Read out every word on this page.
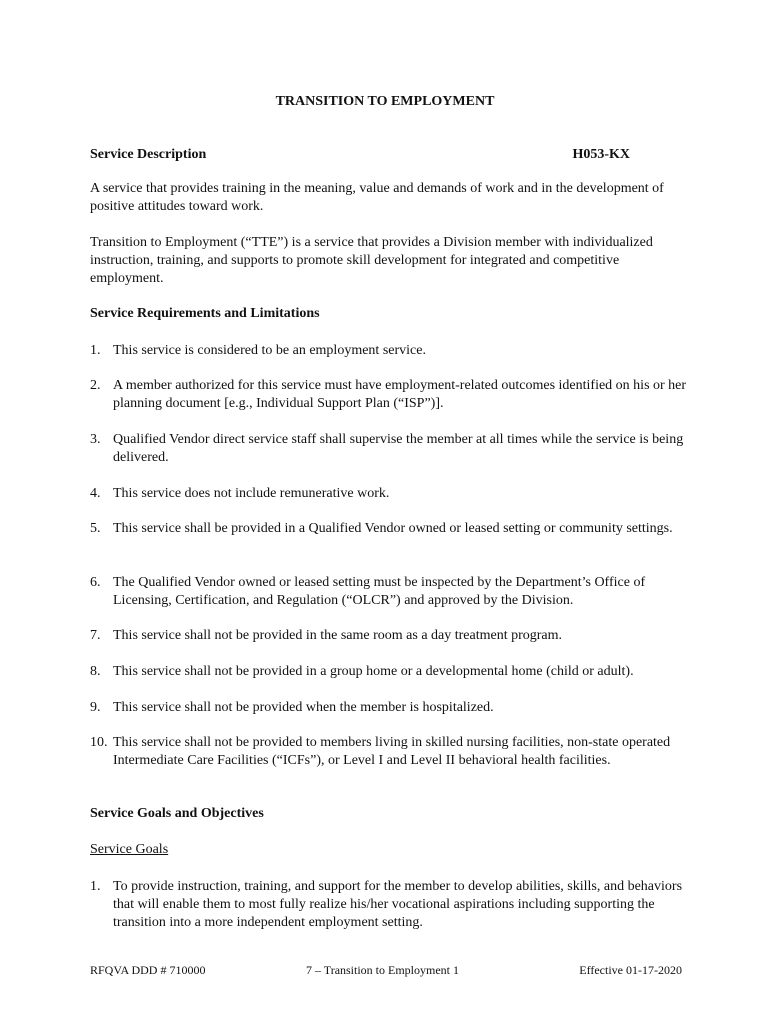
TRANSITION TO EMPLOYMENT
Service Description	H053-KX
A service that provides training in the meaning, value and demands of work and in the development of positive attitudes toward work.
Transition to Employment (“TTE”) is a service that provides a Division member with individualized instruction, training, and supports to promote skill development for integrated and competitive employment.
Service Requirements and Limitations
1. This service is considered to be an employment service.
2. A member authorized for this service must have employment-related outcomes identified on his or her planning document [e.g., Individual Support Plan (“ISP”)].
3. Qualified Vendor direct service staff shall supervise the member at all times while the service is being delivered.
4. This service does not include remunerative work.
5. This service shall be provided in a Qualified Vendor owned or leased setting or community settings.
6. The Qualified Vendor owned or leased setting must be inspected by the Department’s Office of Licensing, Certification, and Regulation (“OLCR”) and approved by the Division.
7. This service shall not be provided in the same room as a day treatment program.
8. This service shall not be provided in a group home or a developmental home (child or adult).
9. This service shall not be provided when the member is hospitalized.
10. This service shall not be provided to members living in skilled nursing facilities, non-state operated Intermediate Care Facilities (“ICFs”), or Level I and Level II behavioral health facilities.
Service Goals and Objectives
Service Goals
1. To provide instruction, training, and support for the member to develop abilities, skills, and behaviors that will enable them to most fully realize his/her vocational aspirations including supporting the transition into a more independent employment setting.
RFQVA DDD # 710000	7 – Transition to Employment 1	Effective 01-17-2020
